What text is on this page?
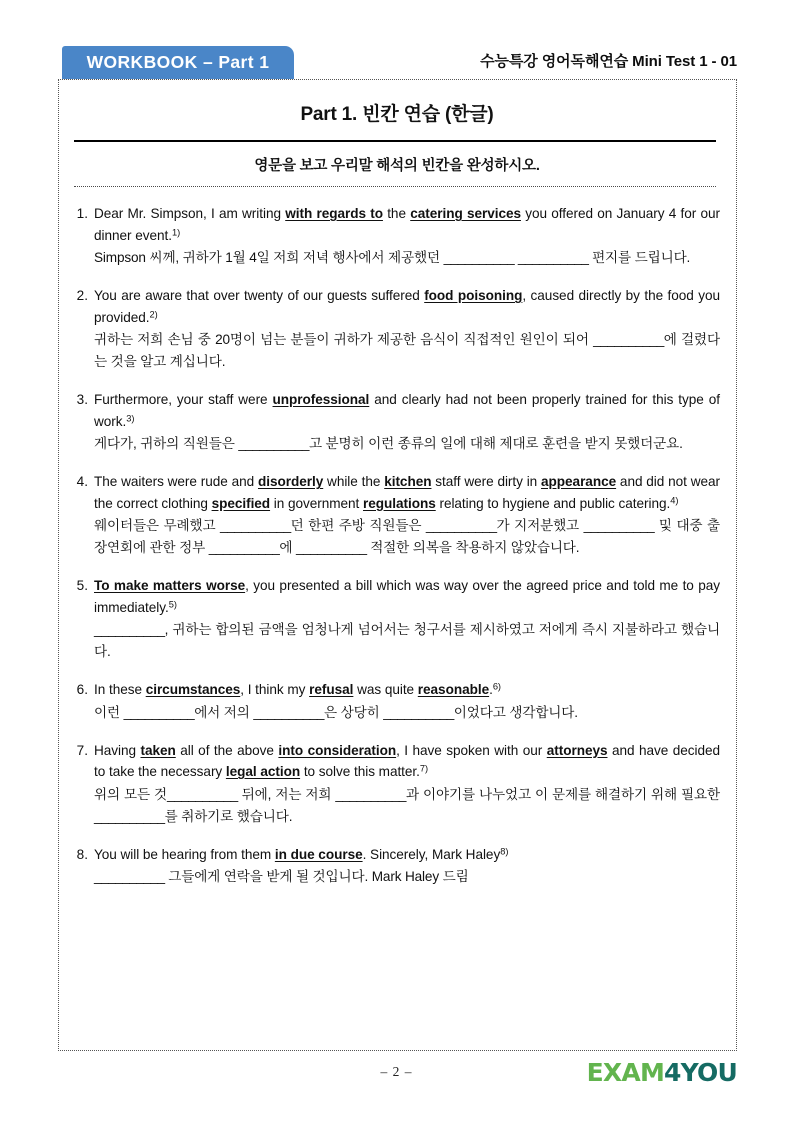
WORKBOOK – Part 1	수능특강 영어독해연습 Mini Test 1 - 01
Part 1. 빈칸 연습 (한글)
영문을 보고 우리말 해석의 빈칸을 완성하시오.
1. Dear Mr. Simpson, I am writing with regards to the catering services you offered on January 4 for our dinner event.$^{1)}$
Simpson 씨께, 귀하가 1월 4일 저희 저녁 행사에서 제공했던 __________ __________ 편지를 드립니다.
2. You are aware that over twenty of our guests suffered food poisoning, caused directly by the food you provided.$^{2)}$
귀하는 저희 손님 중 20명이 넘는 분들이 귀하가 제공한 음식이 직접적인 원인이 되어 __________에 걸렸다는 것을 알고 계십니다.
3. Furthermore, your staff were unprofessional and clearly had not been properly trained for this type of work.$^{3)}$
게다가, 귀하의 직원들은 __________고 분명히 이런 종류의 일에 대해 제대로 훈련을 받지 못했더군요.
4. The waiters were rude and disorderly while the kitchen staff were dirty in appearance and did not wear the correct clothing specified in government regulations relating to hygiene and public catering.$^{4)}$
웨이터들은 무례했고 __________던 한편 주방 직원들은 __________가 지저분했고 __________ 및 대중 출장연회에 관한 정부 __________에 __________ 적절한 의복을 착용하지 않았습니다.
5. To make matters worse, you presented a bill which was way over the agreed price and told me to pay immediately.$^{5)}$
__________, 귀하는 합의된 금액을 엄청나게 넘어서는 청구서를 제시하였고 저에게 즉시 지불하라고 했습니다.
6. In these circumstances, I think my refusal was quite reasonable.$^{6)}$
이런 __________에서 저의 __________은 상당히 __________이었다고 생각합니다.
7. Having taken all of the above into consideration, I have spoken with our attorneys and have decided to take the necessary legal action to solve this matter.$^{7)}$
위의 모든 것__________ 뒤에, 저는 저희 __________과 이야기를 나누었고 이 문제를 해결하기 위해 필요한 __________를 취하기로 했습니다.
8. You will be hearing from them in due course. Sincerely, Mark Haley$^{8)}$
__________ 그들에게 연락을 받게 될 것입니다. Mark Haley 드림
– 2 –	EXAM4YOU
